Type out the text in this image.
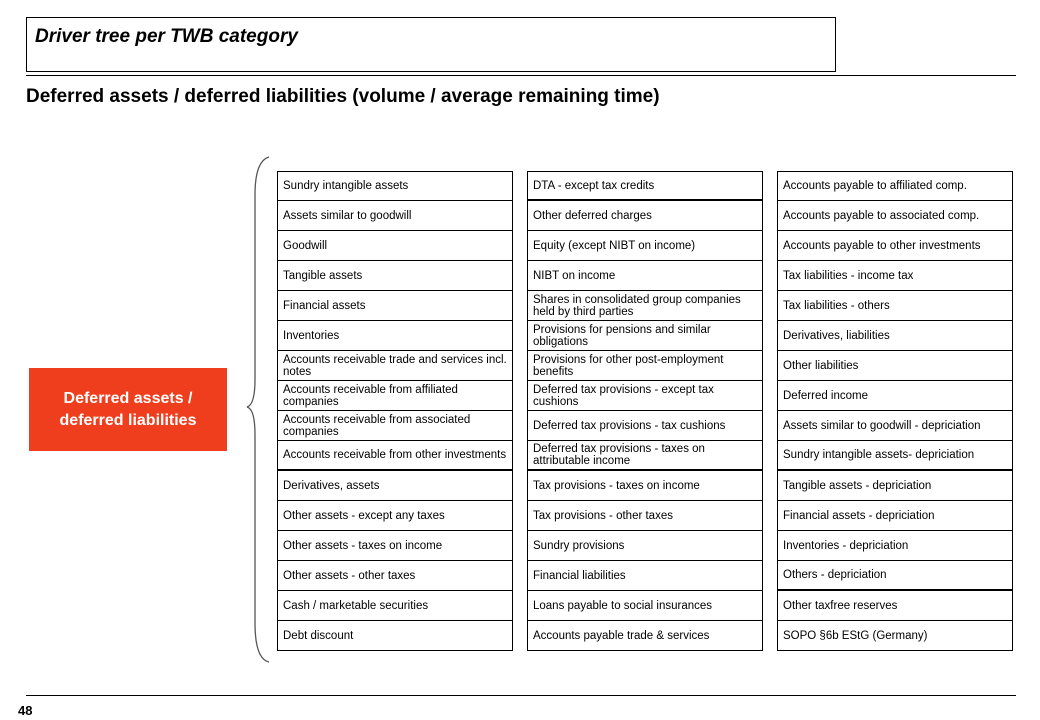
Driver tree per TWB category
Deferred assets / deferred liabilities (volume / average remaining time)
Deferred assets /
deferred liabilities
Sundry intangible assets
Assets similar to goodwill
Goodwill
Tangible assets
Financial assets
Inventories
Accounts receivable trade and services incl. notes
Accounts receivable from affiliated companies
Accounts receivable from associated companies
Accounts receivable from other investments
Derivatives, assets
Other assets - except any taxes
Other assets - taxes on income
Other assets - other taxes
Cash / marketable securities
Debt discount
DTA - except tax credits
Other deferred charges
Equity (except NIBT on income)
NIBT on income
Shares in consolidated group companies held by third parties
Provisions for pensions and similar obligations
Provisions for other post-employment benefits
Deferred tax provisions - except tax cushions
Deferred tax provisions - tax cushions
Deferred tax provisions - taxes on attributable income
Tax provisions - taxes on income
Tax provisions - other taxes
Sundry provisions
Financial liabilities
Loans payable to social insurances
Accounts payable trade & services
Accounts payable to affiliated comp.
Accounts payable to associated comp.
Accounts payable to other investments
Tax liabilities - income tax
Tax liabilities - others
Derivatives, liabilities
Other liabilities
Deferred income
Assets similar to goodwill - depriciation
Sundry intangible assets- depriciation
Tangible assets - depriciation
Financial assets - depriciation
Inventories - depriciation
Others - depriciation
Other taxfree reserves
SOPO §6b EStG (Germany)
48
